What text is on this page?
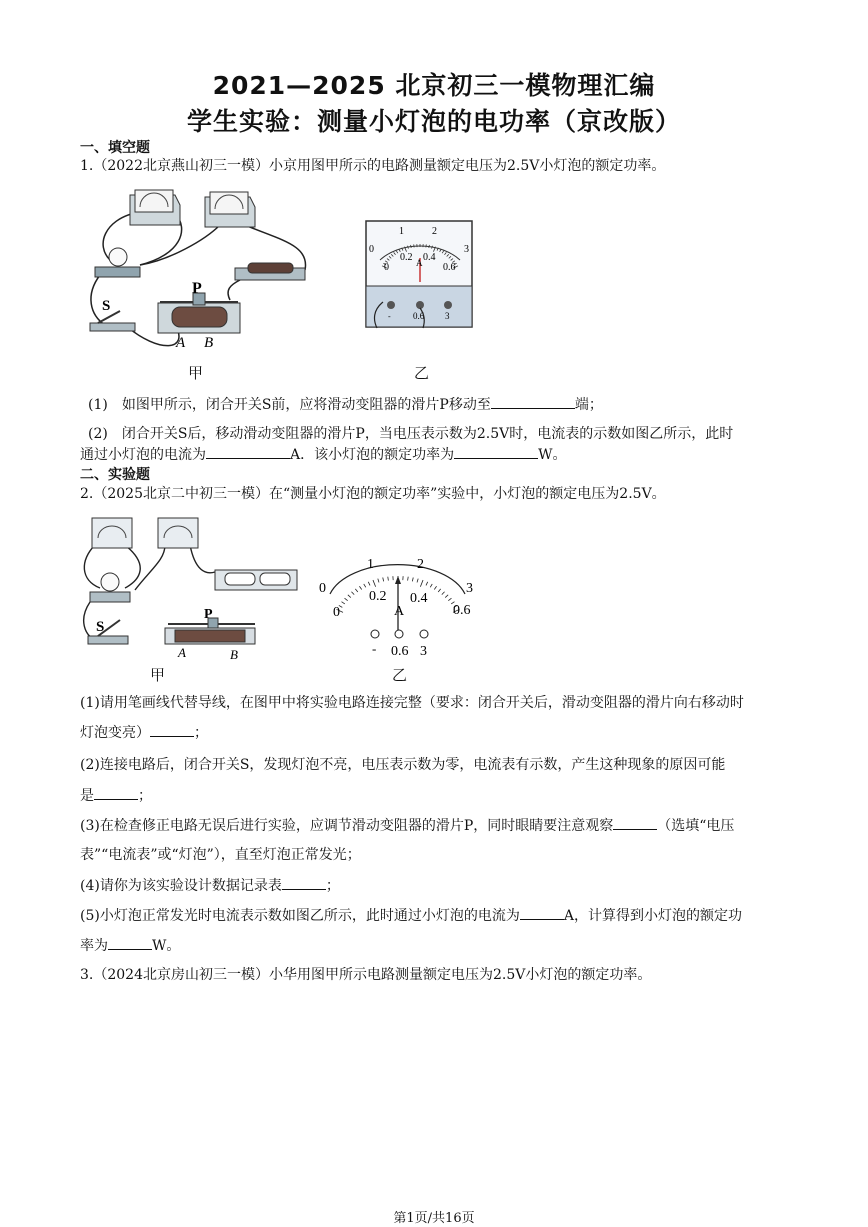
2021—2025 北京初三一模物理汇编
学生实验：测量小灯泡的电功率（京改版）
一、填空题
1.（2022北京燕山初三一模）小京用图甲所示的电路测量额定电压为2.5V小灯泡的额定功率。
S
P
A B
甲
0
1	2
3
0
0.2 0.4
0.6
A
- 0.6 3
乙
(1)　如图甲所示，闭合开关S前，应将滑动变阻器的滑片P移动至	端；
(2)　闭合开关S后，移动滑动变阻器的滑片P，当电压表示数为2.5V时，电流表的示数如图乙所示，此时
通过小灯泡的电流为	A．该小灯泡的额定功率为	W。
二、实验题
2.（2025北京二中初三一模）在“测量小灯泡的额定功率”实验中，小灯泡的额定电压为2.5V。
S
P
A	B
甲
0
1	2
3
0
0.2 0.4
0.6
A
- 0.6 3
乙
(1)请用笔画线代替导线，在图甲中将实验电路连接完整（要求：闭合开关后，滑动变阻器的滑片向右移动时
灯泡变亮）	；
(2)连接电路后，闭合开关S，发现灯泡不亮，电压表示数为零，电流表有示数，产生这种现象的原因可能
是	；
(3)在检查修正电路无误后进行实验，应调节滑动变阻器的滑片P，同时眼睛要注意观察	（选填“电压
表”“电流表”或“灯泡”），直至灯泡正常发光；
(4)请你为该实验设计数据记录表	；
(5)小灯泡正常发光时电流表示数如图乙所示，此时通过小灯泡的电流为	A，计算得到小灯泡的额定功
率为	W。
3.（2024北京房山初三一模）小华用图甲所示电路测量额定电压为2.5V小灯泡的额定功率。
第1页/共16页
